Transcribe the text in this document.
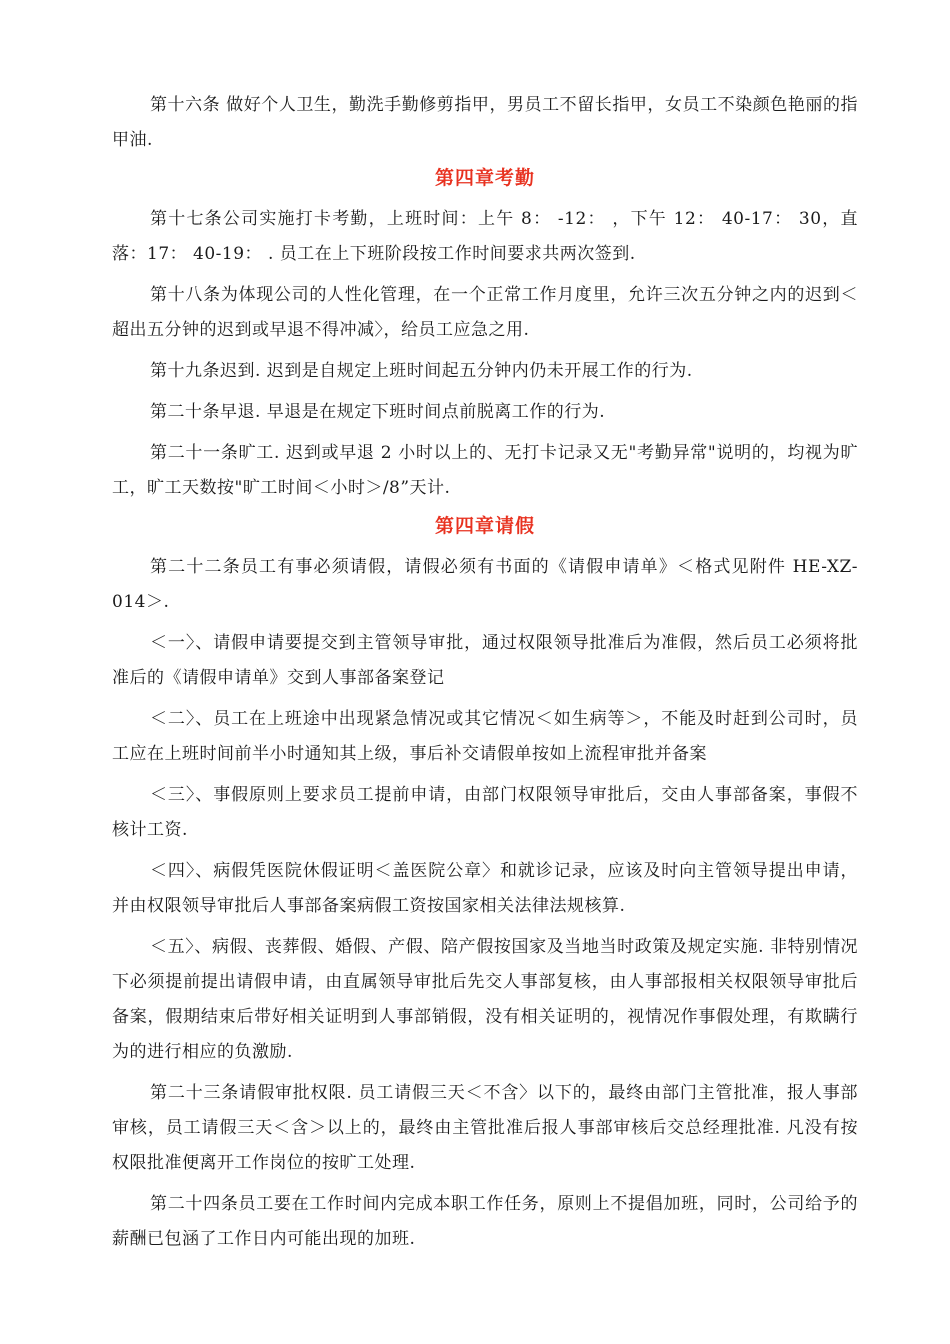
第十六条 做好个人卫生，勤洗手勤修剪指甲，男员工不留长指甲，女员工不染颜色艳丽的指甲油.

第四章考勤

第十七条公司实施打卡考勤，上班时间：上午 8： -12： ，下午 12： 40-17： 30，直落：17： 40-19： . 员工在上下班阶段按工作时间要求共两次签到.

第十八条为体现公司的人性化管理，在一个正常工作月度里，允许三次五分钟之内的迟到＜超出五分钟的迟到或早退不得冲减〉，给员工应急之用.

第十九条迟到. 迟到是自规定上班时间起五分钟内仍未开展工作的行为.

第二十条早退. 早退是在规定下班时间点前脱离工作的行为.

第二十一条旷工. 迟到或早退 2 小时以上的、无打卡记录又无"考勤异常"说明的，均视为旷工，旷工天数按"旷工时间＜小时＞/8”天计.

第四章请假

第二十二条员工有事必须请假，请假必须有书面的《请假申请单》＜格式见附件 HE-XZ-014＞.

＜一〉、请假申请要提交到主管领导审批，通过权限领导批准后为准假，然后员工必须将批准后的《请假申请单》交到人事部备案登记

＜二〉、员工在上班途中出现紧急情况或其它情况＜如生病等＞，不能及时赶到公司时，员工应在上班时间前半小时通知其上级，事后补交请假单按如上流程审批并备案

＜三〉、事假原则上要求员工提前申请，由部门权限领导审批后，交由人事部备案，事假不核计工资.

＜四〉、病假凭医院休假证明＜盖医院公章〉和就诊记录，应该及时向主管领导提出申请，并由权限领导审批后人事部备案病假工资按国家相关法律法规核算.

＜五〉、病假、丧葬假、婚假、产假、陪产假按国家及当地当时政策及规定实施. 非特别情况下必须提前提出请假申请，由直属领导审批后先交人事部复核，由人事部报相关权限领导审批后备案，假期结束后带好相关证明到人事部销假，没有相关证明的，视情况作事假处理，有欺瞒行为的进行相应的负激励.

第二十三条请假审批权限. 员工请假三天＜不含〉以下的，最终由部门主管批准，报人事部审核，员工请假三天＜含＞以上的，最终由主管批准后报人事部审核后交总经理批准. 凡没有按权限批准便离开工作岗位的按旷工处理.

第二十四条员工要在工作时间内完成本职工作任务，原则上不提倡加班，同时，公司给予的薪酬已包涵了工作日内可能出现的加班.
